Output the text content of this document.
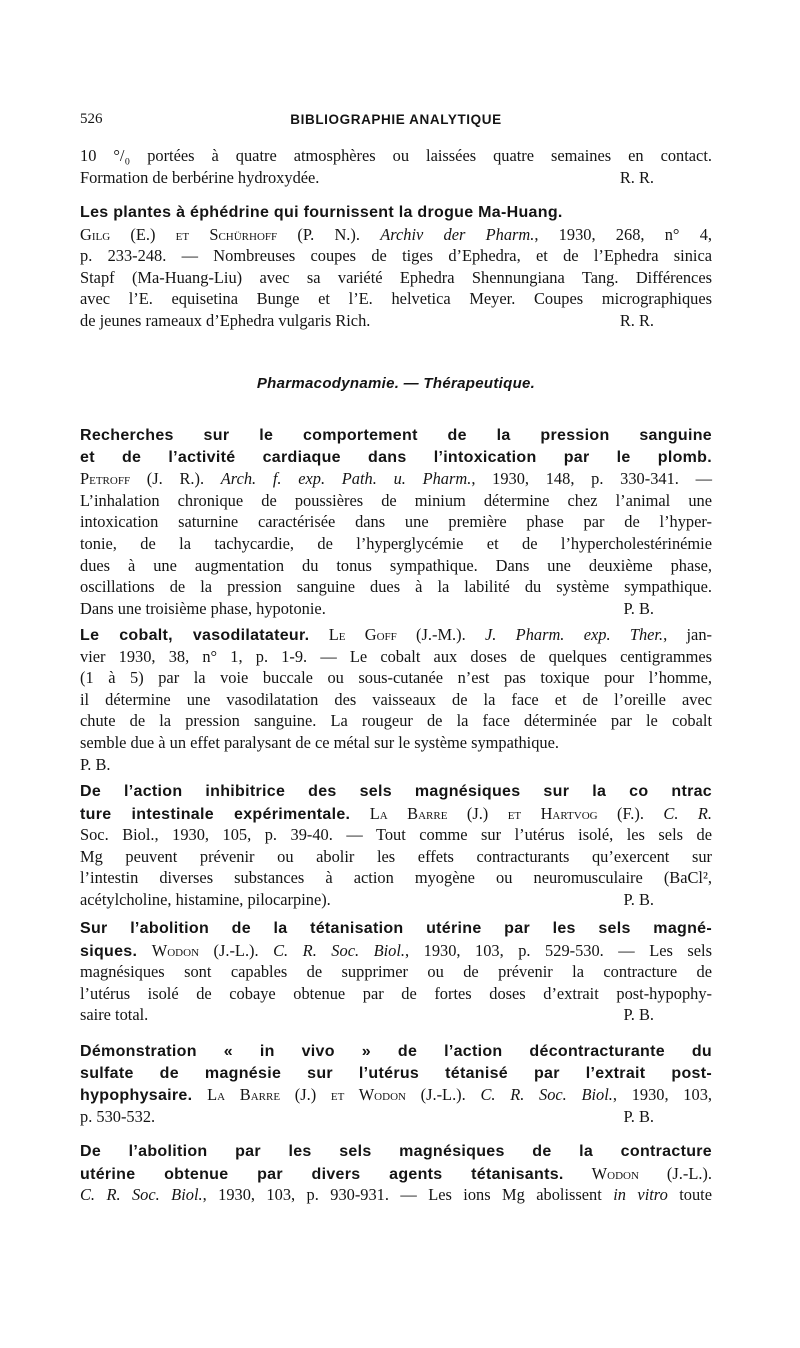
526	BIBLIOGRAPHIE ANALYTIQUE
10 °/₀ portées à quatre atmosphères ou laissées quatre semaines en contact.
Formation de berbérine hydroxydée.	R. R.
Les plantes à éphédrine qui fournissent la drogue Ma-Huang.
Gilg (E.) et Schürhoff (P. N.). Archiv der Pharm., 1930, 268, n° 4,
p. 233-248. — Nombreuses coupes de tiges d’Ephedra, et de l’Ephedra sinica
Stapf (Ma-Huang-Liu) avec sa variété Ephedra Shennungiana Tang. Différences
avec l’E. equisetina Bunge et l’E. helvetica Meyer. Coupes micrographiques
de jeunes rameaux d’Ephedra vulgaris Rich.	R. R.
Pharmacodynamie. — Thérapeutique.
Recherches sur le comportement de la pression sanguine
et de l’activité cardiaque dans l’intoxication par le plomb.
Petroff (J. R.). Arch. f. exp. Path. u. Pharm., 1930, 148, p. 330-341. —
L’inhalation chronique de poussières de minium détermine chez l’animal une
intoxication saturnine caractérisée dans une première phase par de l’hyper-
tonie, de la tachycardie, de l’hyperglycémie et de l’hypercholestérinémie
dues à une augmentation du tonus sympathique. Dans une deuxième phase,
oscillations de la pression sanguine dues à la labilité du système sympathique.
Dans une troisième phase, hypotonie.	P. B.
Le cobalt, vasodilatateur. Le Goff (J.-M.). J. Pharm. exp. Ther., jan-
vier 1930, 38, n° 1, p. 1-9. — Le cobalt aux doses de quelques centigrammes
(1 à 5) par la voie buccale ou sous-cutanée n’est pas toxique pour l’homme,
il détermine une vasodilatation des vaisseaux de la face et de l’oreille avec
chute de la pression sanguine. La rougeur de la face déterminée par le cobalt
semble due à un effet paralysant de ce métal sur le système sympathique.
P. B.
De l’action inhibitrice des sels magnésiques sur la co ntrac
ture intestinale expérimentale. La Barre (J.) et Hartvog (F.). C. R.
Soc. Biol., 1930, 105, p. 39-40. — Tout comme sur l’utérus isolé, les sels de
Mg peuvent prévenir ou abolir les effets contracturants qu’exercent sur
l’intestin diverses substances à action myogène ou neuromusculaire (BaCl²,
acétylcholine, histamine, pilocarpine).	P. B.
Sur l’abolition de la tétanisation utérine par les sels magné-
siques. Wodon (J.-L.). C. R. Soc. Biol., 1930, 103, p. 529-530. — Les sels
magnésiques sont capables de supprimer ou de prévenir la contracture de
l’utérus isolé de cobaye obtenue par de fortes doses d’extrait post-hypophy-
saire total.	P. B.
Démonstration « in vivo » de l’action décontracturante du
sulfate de magnésie sur l’utérus tétanisé par l’extrait post-
hypophysaire. La Barre (J.) et Wodon (J.-L.). C. R. Soc. Biol., 1930, 103,
p. 530-532.	P. B.
De l’abolition par les sels magnésiques de la contracture
utérine obtenue par divers agents tétanisants. Wodon (J.-L.).
C. R. Soc. Biol., 1930, 103, p. 930-931. — Les ions Mg abolissent in vitro toute
